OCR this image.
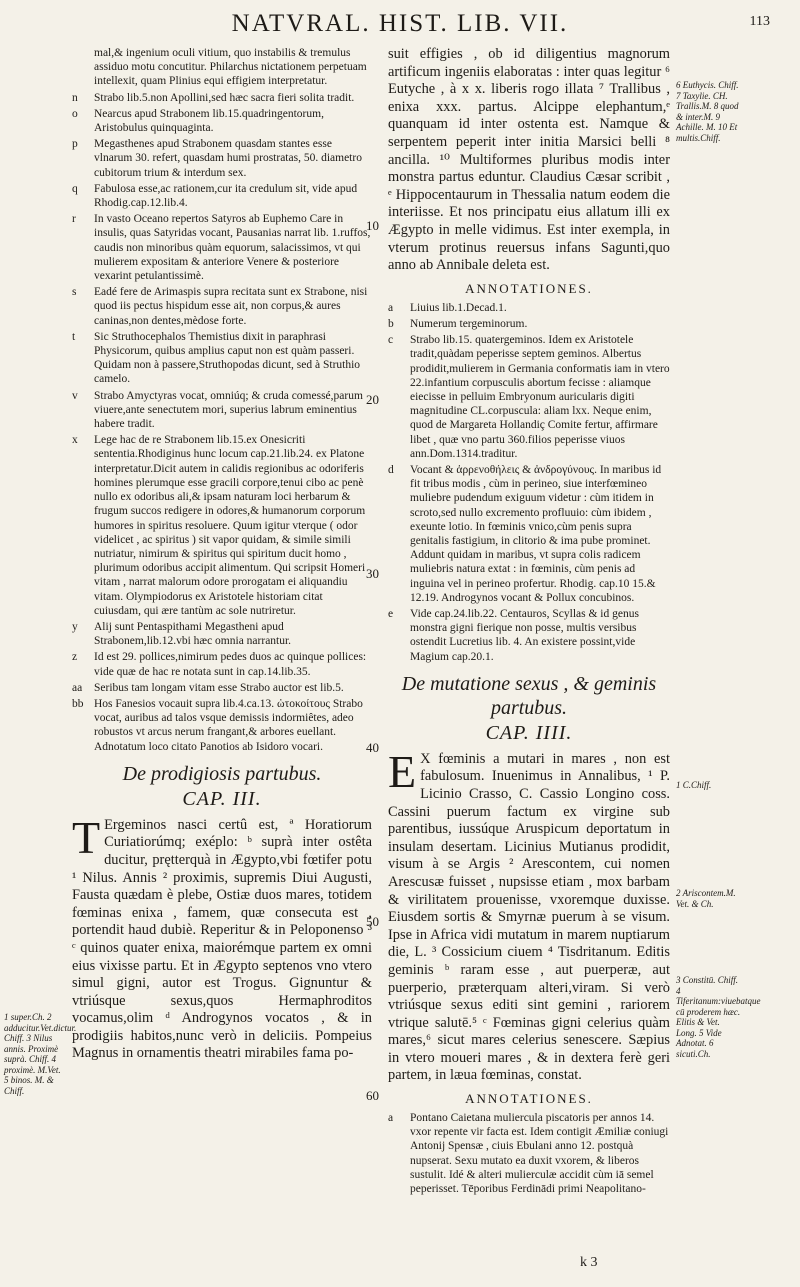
NATVRAL. HIST. LIB. VII.	113

mal,& ingenium oculi vitium, quo instabilis & tremulus assiduo motu concutitur. Philarchus nictationem perpetuam intellexit, quam Plinius equi effigiem interpretatur.

n	Strabo lib.5.non Apollini,sed hæc sacra fieri solita tradit.

o	Nearcus apud Strabonem lib.15.quadringentorum, Aristobulus quinquaginta.

p	Megasthenes apud Strabonem quasdam stantes esse vlnarum 30. refert, quasdam humi prostratas, 50. diametro cubitorum trium & interdum sex.

q	Fabulosa esse,ac rationem,cur ita credulum sit, vide apud Rhodig.cap.12.lib.4.

r	In vasto Oceano repertos Satyros ab Euphemo Care in insulis, quas Satyridas vocant, Pausanias narrat lib. 1.ruffos, caudis non minoribus quàm equorum, salacissimos, vt qui mulierem expositam & anteriore Venere & posteriore vexarint petulantissimè.

s	Eadé fere de Arimaspis supra recitata sunt ex Strabone, nisi quod iis pectus hispidum esse ait, non corpus,& aures caninas,non dentes,mèdose forte.

t	Sic Struthocephalos Themistius dixit in paraphrasi Physicorum, quibus amplius caput non est quàm passeri. Quidam non à passere,Struthopodas dicunt, sed à Struthio camelo.

v	Strabo Amyctyras vocat, omniúq; & cruda comessé,parum viuere,ante senectutem mori, superius labrum eminentius habere tradit.

x	Lege hac de re Strabonem lib.15.ex Onesicriti sententia.Rhodiginus hunc locum cap.21.lib.24. ex Platone interpretatur.Dicit autem in calidis regionibus ac odoriferis homines plerumque esse gracili corpore,tenui cibo ac penè nullo ex odoribus ali,& ipsam naturam loci herbarum & frugum succos redigere in odores,& humanorum corporum humores in spiritus resoluere. Quum igitur vterque ( odor videlicet , ac spiritus ) sit vapor quidam, & simile simili nutriatur, nimirum & spiritus qui spiritum ducit homo , plurimum odoribus accipit alimentum. Qui scripsit Homeri vitam , narrat malorum odore prorogatam ei aliquandiu vitam. Olympiodorus ex Aristotele historiam citat cuiusdam, qui ære tantùm ac sole nutriretur.

y	Alij sunt Pentaspithami Megastheni apud Strabonem,lib.12.vbi hæc omnia narrantur.

z	Id est 29. pollices,nimirum pedes duos ac quinque pollices: vide quæ de hac re notata sunt in cap.14.lib.35.

aa	Seribus tam longam vitam esse Strabo auctor est lib.5.

bb Hos Fanesios vocauit supra lib.4.ca.13. ὠτοκοίτους Strabo vocat, auribus ad talos vsque demissis indormiêtes, adeo robustos vt arcus nerum frangant,& arbores euellant. Adnotatum loco citato Panotios ab Isidoro vocari.

De prodigiosis partubus.
CAP. III.

T Ergeminos nasci certû est, ª Horatiorum Curiatiorúmq; exéplo: ᵇ suprà inter ostêta ducitur, prętterquà in Ægypto,vbi fœtifer potu ¹ Nilus. Annis ² proximis, supremis Diui Augusti, Fausta quædam è plebe, Ostiæ duos mares, totidem fœminas enixa , famem, quæ consecuta est , portendit haud dubiè. Reperitur & in Peloponenso ³ ᶜ quinos quater enixa, maiorémque partem ex omni eius vixisse partu. Et in Ægypto septenos vno vtero simul gigni, autor est Trogus. Gignuntur & vtriúsque sexus,quos Hermaphroditos vocamus,olim ᵈ Androgynos vocatos , & in prodigiis habitos,nunc verò in deliciis. Pompeius Magnus in ornamentis theatri mirabiles fama po-

10
20
30
40
50
60

suit effigies , ob id diligentius magnorum artificum ingeniis elaboratas : inter quas legitur ⁶ Eutyche , à x x. liberis rogo illata ⁷ Trallibus , enixa xxx. partus. Alcippe elephantum,ᵉ quanquam id inter ostenta est. Namque & serpentem peperit inter initia Marsici belli ⁸ ancilla. ¹⁰ Multiformes pluribus modis inter monstra partus eduntur. Claudius Cæsar scribit , ᵉ Hippocentaurum in Thessalia natum eodem die interiisse. Et nos principatu eius allatum illi ex Ægypto in melle vidimus. Est inter exempla, in vterum protinus reuersus infans Sagunti,quo anno ab Annibale deleta est.

ANNOTATIONES.

a	Liuius lib.1.Decad.1.

b	Numerum tergeminorum.

c	Strabo lib.15. quatergeminos. Idem ex Aristotele tradit,quàdam peperisse septem geminos. Albertus prodidit,mulierem in Germania conformatis iam in vtero 22.infantium corpusculis abortum fecisse : aliamque eiecisse in pelluim Embryonum auricularis digiti magnitudine CL.corpuscula: aliam lxx. Neque enim, quod de Margareta Hollandiç Comite fertur, affirmare libet , quæ vno partu 360.filios peperisse viuos ann.Dom.1314.traditur.

d	Vocant & ἀρρενοθήλεις & ἀνδρογύνους. In maribus id fit tribus modis , cùm in perineo, siue interfœmineo muliebre pudendum exiguum videtur : cùm itidem in scroto,sed nullo excremento profluuio: cùm ibidem , exeunte lotio. In fœminis vnico,cùm penis supra genitalis fastigium, in clitorio & ima pube prominet. Addunt quidam in maribus, vt supra colis radicem muliebris natura extat : in fœminis, cùm penis ad inguina vel in perineo profertur. Rhodig. cap.10 15.& 12.19. Androgynos vocant & Pollux concubinos.

e	Vide cap.24.lib.22. Centauros, Scyllas & id genus monstra gigni fierique non posse, multis versibus ostendit Lucretius lib. 4. An existere possint,vide Magium cap.20.1.

De mutatione sexus , & geminis partubus.
CAP. IIII.

E X fœminis a mutari in mares , non est fabulosum. Inuenimus in Annalibus, ¹ P. Licinio Crasso, C. Cassio Longino coss. Cassini puerum factum ex virgine sub parentibus, iussúque Aruspicum deportatum in insulam desertam. Licinius Mutianus prodidit, visum à se Argis ² Arescontem, cui nomen Arescusæ fuisset , nupsisse etiam , mox barbam & virilitatem prouenisse, vxoremque duxisse. Eiusdem sortis & Smyrnæ puerum à se visum. Ipse in Africa vidi mutatum in marem nuptiarum die, L. ³ Cossicium ciuem ⁴ Tisdritanum. Editis geminis ᵇ raram esse , aut puerperæ, aut puerperio, præterquam alteri,viram. Si verò vtriúsque sexus editi sint gemini , rariorem vtrique salutē.⁵ ᶜ Fœminas gigni celerius quàm mares,⁶ sicut mares celerius senescere. Sæpius in vtero moueri mares , & in dextera ferè geri partem, in læua fœminas, constat.

ANNOTATIONES.

a	Pontano Caietana muliercula piscatoris per annos 14. vxor repente vir facta est. Idem contigit Æmiliæ coniugi Antonij Spensæ , ciuis Ebulani anno 12. postquà nupserat. Sexu mutato ea duxit vxorem, & liberos sustulit. Idé & alteri mulierculæ accidit cùm iā semel peperisset. Tēporibus Ferdinādi primi Neapolitano-

6 Euthycis. Chiff. 7 Taxylie. CH. Trallis.M. 8 quod & inter.M. 9 Achille. M. 10 Et multis.Chiff.
1 C.Chiff.
2 Ariscontem.M. Vet. & Ch.
3 Constitū. Chiff. 4 Tiferitanum:viuebatque cū proderem hæc. Elitis & Vet. Long. 5 Vide Adnotat. 6 sicuti.Ch.
1 super.Ch. 2 adducitur.Vet.dictur. Chiff. 3 Nilus annis. Proximè suprà. Chiff. 4 proximè. M.Vet. 5 binos. M. & Chiff.
k 3
